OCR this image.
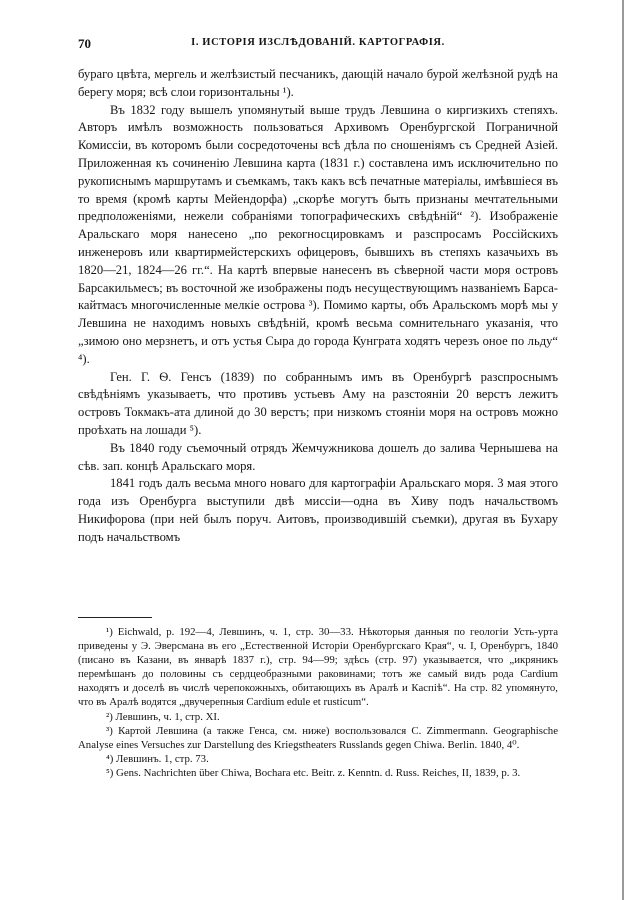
70	I. ИСТОРІЯ ИЗСЛѢДОВАНІЙ. КАРТОГРАФІЯ.

бураго цвѣта, мергель и желѣзистый песчаникъ, дающій начало бурой желѣзной рудѣ на берегу моря; всѣ слои горизонтальны ¹).

Въ 1832 году вышелъ упомянутый выше трудъ Левшина о киргизкихъ степяхъ. Авторъ имѣлъ возможность пользоваться Архивомъ Оренбургской Пограничной Комиссіи, въ которомъ были сосредоточены всѣ дѣла по сношеніямъ съ Средней Азіей. Приложенная къ сочиненію Левшина карта (1831 г.) составлена имъ исключительно по рукописнымъ маршрутамъ и съемкамъ, такъ какъ всѣ печатные матеріалы, имѣвшіеся въ то время (кромѣ карты Мейендорфа) „скорѣе могутъ быть признаны мечтательными предположеніями, нежели собраніями топографическихъ свѣдѣній“ ²). Изображеніе Аральскаго моря нанесено „по рекогносцировкамъ и разспросамъ Россійскихъ инженеровъ или квартирмейстерскихъ офицеровъ, бывшихъ въ степяхъ казачьихъ въ 1820—21, 1824—26 гг.“. На картѣ впервые нанесенъ въ сѣверной части моря островъ Барсакильмесъ; въ восточной же изображены подъ несуществующимъ названіемъ Барса-кайтмасъ многочисленные мелкіе острова ³). Помимо карты, объ Аральскомъ морѣ мы у Левшина не находимъ новыхъ свѣдѣній, кромѣ весьма сомнительнаго указанія, что „зимою оно мерзнетъ, и отъ устья Сыра до города Кунграта ходятъ черезъ оное по льду“ ⁴).

Ген. Г. Ѳ. Генсъ (1839) по собраннымъ имъ въ Оренбургѣ разспроснымъ свѣдѣніямъ указываетъ, что противъ устьевъ Аму на разстояніи 20 верстъ лежитъ островъ Токмакъ-ата длиной до 30 верстъ; при низкомъ стояніи моря на островъ можно проѣхать на лошади ⁵).

Въ 1840 году съемочный отрядъ Жемчужникова дошелъ до залива Чернышева на сѣв. зап. концѣ Аральскаго моря.

1841 годъ далъ весьма много новаго для картографіи Аральскаго моря. 3 мая этого года изъ Оренбурга выступили двѣ миссіи—одна въ Хиву подъ начальствомъ Никифорова (при ней былъ поруч. Аитовъ, производившій съемки), другая въ Бухару подъ начальствомъ

¹) Eichwald, p. 192—4, Левшинъ, ч. 1, стр. 30—33. Нѣкоторыя данныя по геологіи Усть-урта приведены у Э. Эверсмана въ его „Естественной Исторіи Оренбургскаго Края“, ч. I, Оренбургъ, 1840 (писано въ Казани, въ январѣ 1837 г.), стр. 94—99; здѣсь (стр. 97) указывается, что „икряникъ перемѣшанъ до половины съ сердцеобразными раковинами; тотъ же самый видъ рода Cardium находятъ и доселѣ въ числѣ черепокожныхъ, обитающихъ въ Аралѣ и Каспіѣ“. На стр. 82 упомянуто, что въ Аралѣ водятся „двучерепныя Cardium edule et rusticum“.

²) Левшинъ, ч. 1, стр. XI.

³) Картой Левшина (а также Генса, см. ниже) воспользовался C. Zimmermann. Geographische Analyse eines Versuches zur Darstellung des Kriegstheaters Russlands gegen Chiwa. Berlin. 1840, 4⁰.

⁴) Левшинъ. 1, стр. 73.

⁵) Gens. Nachrichten über Chiwa, Bochara etc. Beitr. z. Kenntn. d. Russ. Reiches, II, 1839, p. 3.
